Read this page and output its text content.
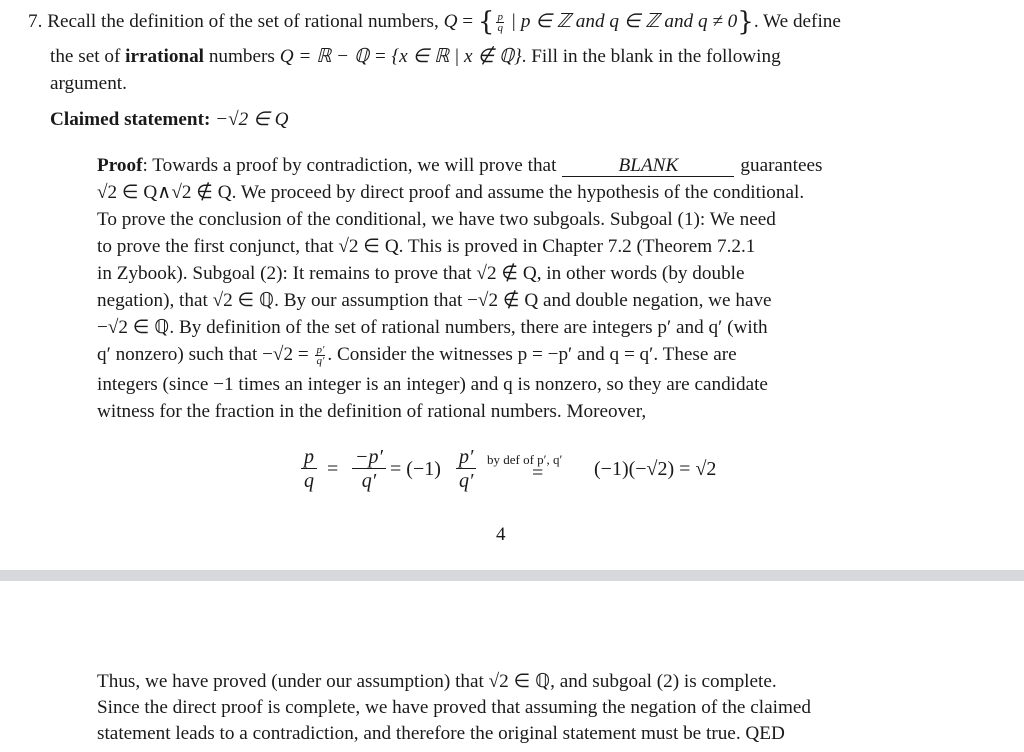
7. Recall the definition of the set of rational numbers, Q = { $\frac{p}{q}$ | p ∈ ℤ and q ∈ ℤ and q ≠ 0}. We define
the set of irrational numbers Q = ℝ − ℚ = {x ∈ ℝ | x ∉ ℚ}. Fill in the blank in the following
argument.
Claimed statement: −√2 ∈ Q
Proof: Towards a proof by contradiction, we will prove that	BLANK	guarantees
√2 ∈ Q∧√2 ∉ Q. We proceed by direct proof and assume the hypothesis of the conditional.
To prove the conclusion of the conditional, we have two subgoals. Subgoal (1): We need
to prove the first conjunct, that √2 ∈ Q. This is proved in Chapter 7.2 (Theorem 7.2.1
in Zybook). Subgoal (2): It remains to prove that √2 ∉ Q, in other words (by double
negation), that √2 ∈ ℚ. By our assumption that −√2 ∉ Q and double negation, we have
−√2 ∈ ℚ. By definition of the set of rational numbers, there are integers p′ and q′ (with
q′ nonzero) such that $-√2 = \frac{p'}{q'}$ . Consider the witnesses p = −p′ and q = q′. These are
integers (since −1 times an integer is an integer) and q is nonzero, so they are candidate
witness for the fraction in the definition of rational numbers. Moreover,
$\frac{p}{q} = \frac{-p'}{q'} = (-1) \frac{p'}{q'}$ by def of p′, q′
=	(−1)(−√2) = √2
4
Thus, we have proved (under our assumption) that √2 ∈ ℚ, and subgoal (2) is complete.
Since the direct proof is complete, we have proved that assuming the negation of the claimed
statement leads to a contradiction, and therefore the original statement must be true. QED
